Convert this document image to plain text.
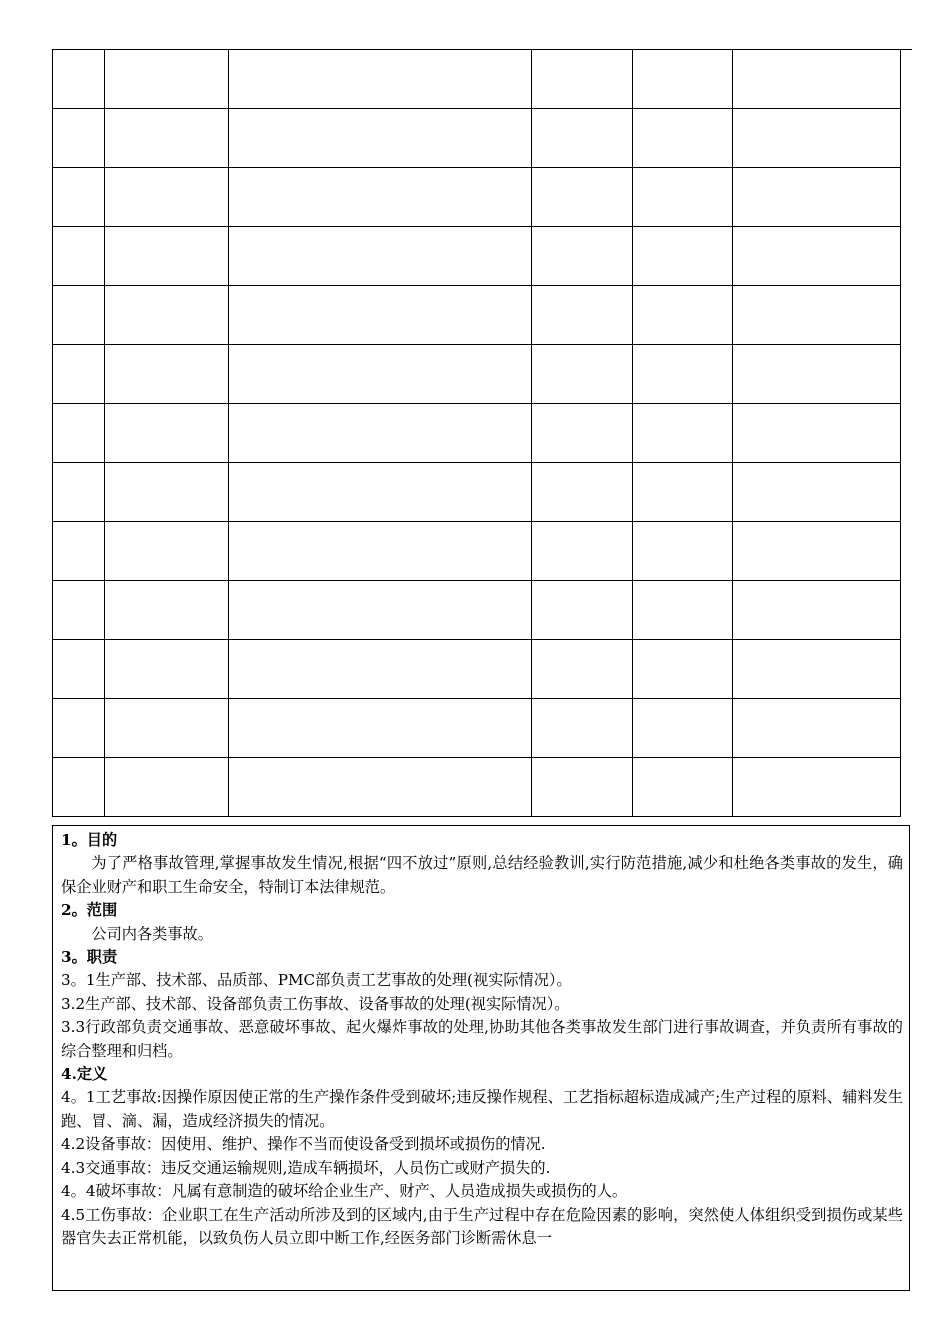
1。目的
为了严格事故管理,掌握事故发生情况,根据“四不放过”原则,总结经验教训,实行防范措施,减少和杜绝各类事故的发生，确保企业财产和职工生命安全，特制订本法律规范。
2。范围
公司内各类事故。
3。职责
3。1生产部、技术部、品质部、PMC部负责工艺事故的处理(视实际情况）。
3.2生产部、技术部、设备部负责工伤事故、设备事故的处理(视实际情况）。
3.3行政部负责交通事故、恶意破坏事故、起火爆炸事故的处理,协助其他各类事故发生部门进行事故调查，并负责所有事故的综合整理和归档。
4.定义
4。1工艺事故:因操作原因使正常的生产操作条件受到破坏;违反操作规程、工艺指标超标造成减产;生产过程的原料、辅料发生跑、冒、滴、漏，造成经济损失的情况。
4.2设备事故：因使用、维护、操作不当而使设备受到损坏或损伤的情况.
4.3交通事故：违反交通运输规则,造成车辆损坏，人员伤亡或财产损失的.
4。4破坏事故：凡属有意制造的破坏给企业生产、财产、人员造成损失或损伤的人。
4.5工伤事故：企业职工在生产活动所涉及到的区域内,由于生产过程中存在危险因素的影响，突然使人体组织受到损伤或某些器官失去正常机能，以致负伤人员立即中断工作,经医务部门诊断需休息一
